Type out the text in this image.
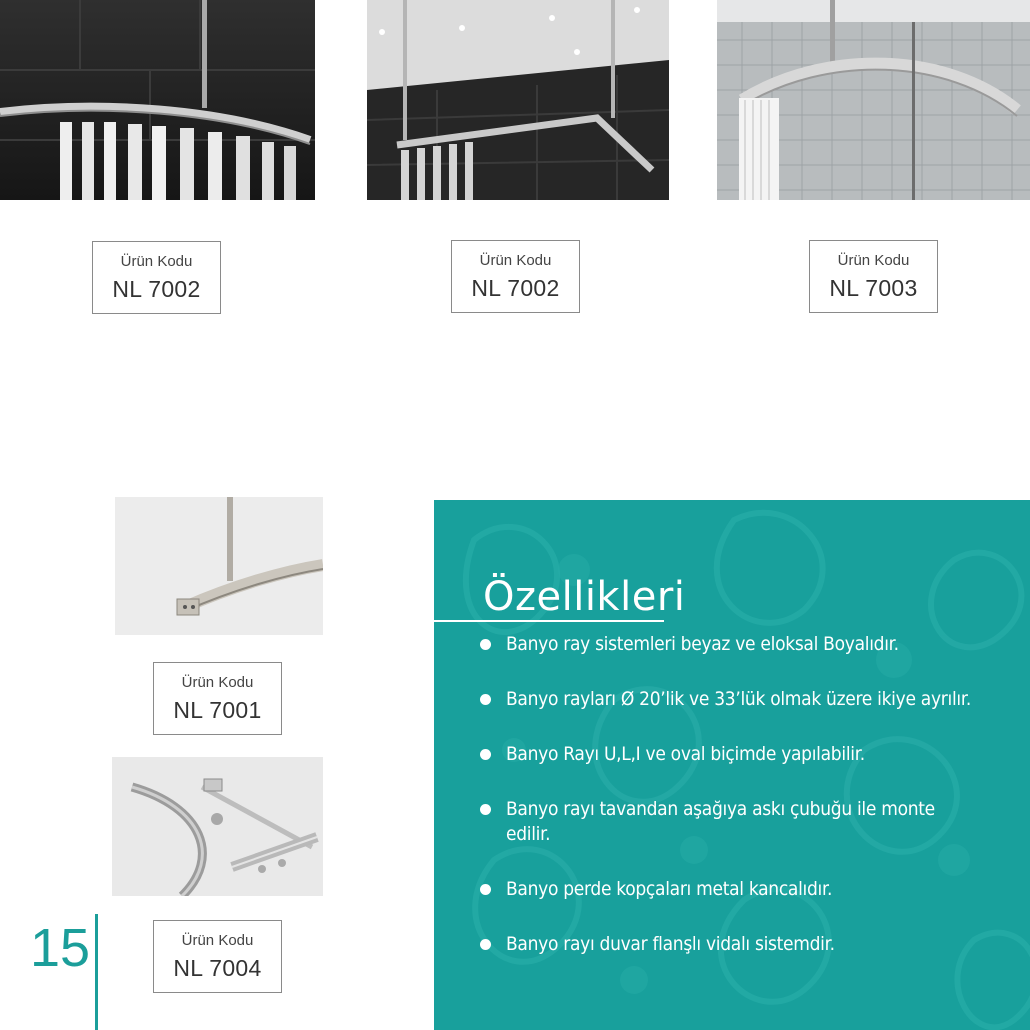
Ürün Kodu
NL 7002
Ürün Kodu
NL 7002
Ürün Kodu
NL 7003
Ürün Kodu
NL 7001
Ürün Kodu
NL 7004
15
Özellikleri
Banyo ray sistemleri beyaz ve eloksal Boyalıdır.
Banyo rayları Ø 20’lik ve 33’lük olmak üzere ikiye ayrılır.
Banyo Rayı U,L,I ve oval biçimde yapılabilir.
Banyo rayı tavandan aşağıya askı çubuğu ile monte edilir.
Banyo perde kopçaları metal kancalıdır.
Banyo rayı duvar flanşlı vidalı sistemdir.
